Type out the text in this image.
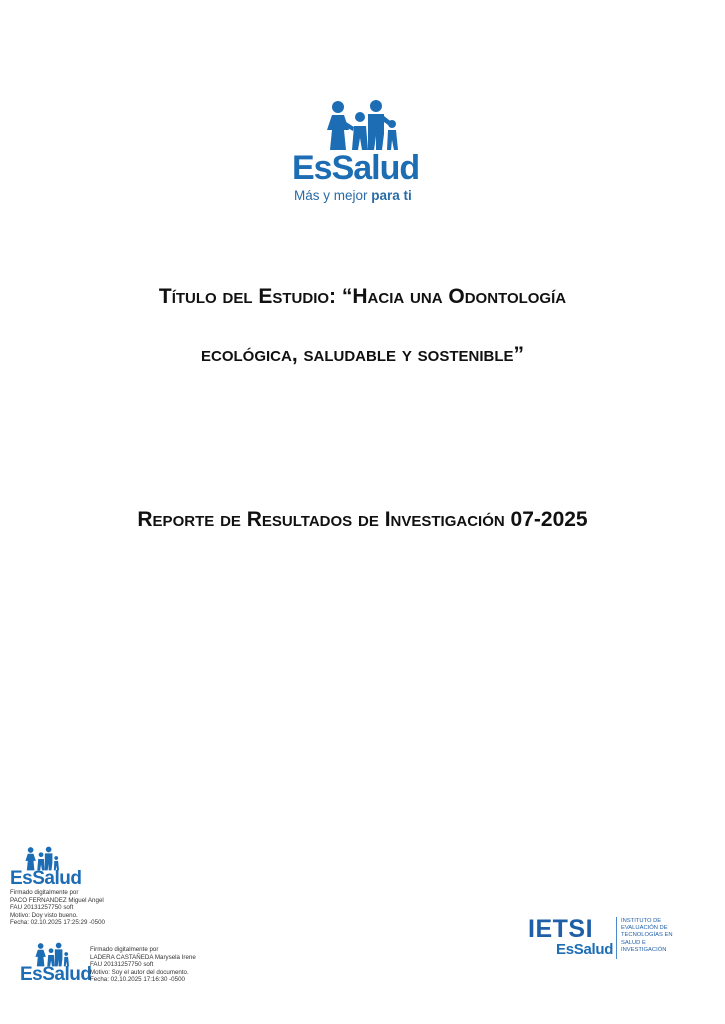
EsSalud
Más y mejor para ti
Título del Estudio: “Hacia una Odontología
ecológica, saludable y sostenible”
Reporte de Resultados de Investigación 07-2025
EsSalud
Firmado digitalmente por
PACO FERNANDEZ Miguel Angel
FAU 20131257750 soft
Motivo: Doy visto bueno.
Fecha: 02.10.2025 17:25:29 -0500
EsSalud
Firmado digitalmente por
LADERA CASTAÑEDA Marysela Irene
FAU 20131257750 soft
Motivo: Soy el autor del documento.
Fecha: 02.10.2025 17:16:30 -0500
IETSI
EsSalud
INSTITUTO DE
EVALUACIÓN DE
TECNOLOGÍAS EN
SALUD E
INVESTIGACIÓN
